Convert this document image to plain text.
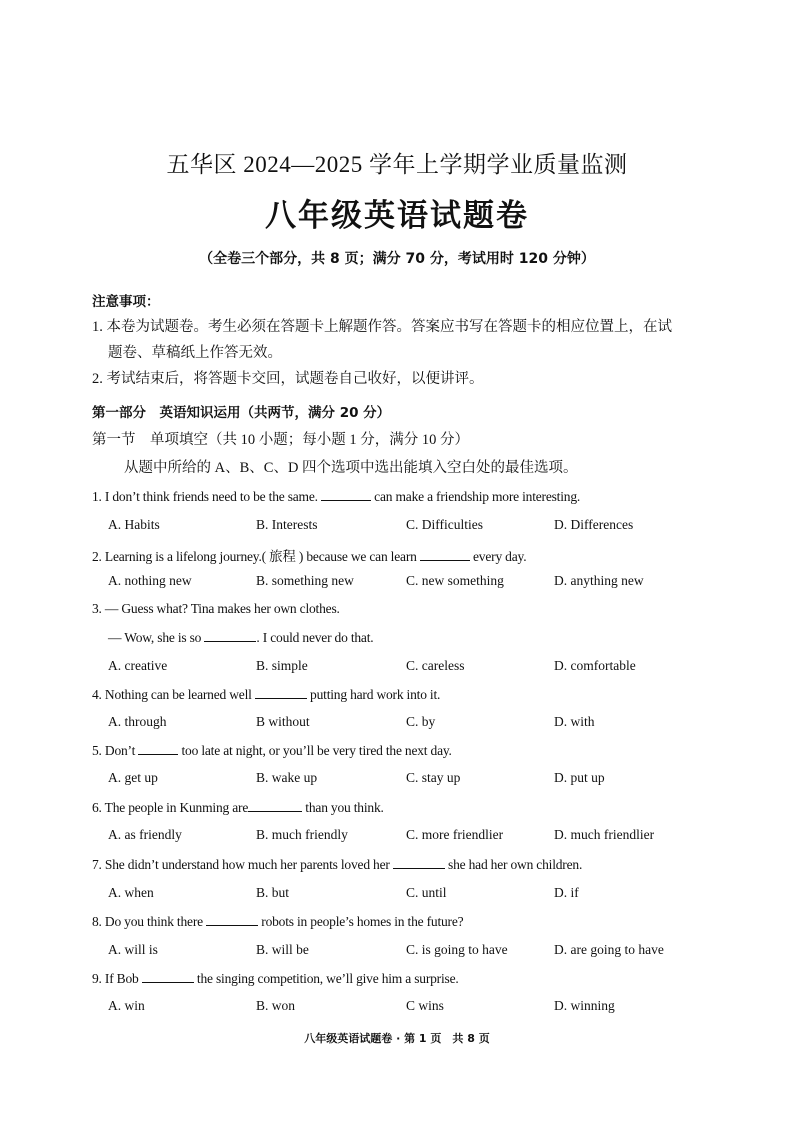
五华区 2024—2025 学年上学期学业质量监测
八年级英语试题卷
（全卷三个部分，共 8 页；满分 70 分，考试用时 120 分钟）
注意事项：
1. 本卷为试题卷。考生必须在答题卡上解题作答。答案应书写在答题卡的相应位置上，在试
题卷、草稿纸上作答无效。
2. 考试结束后，将答题卡交回，试题卷自己收好，以便讲评。
第一部分　英语知识运用（共两节，满分 20 分）
第一节　单项填空（共 10 小题；每小题 1 分，满分 10 分）
从题中所给的 A、B、C、D 四个选项中选出能填入空白处的最佳选项。
1. I don’t think friends need to be the same.	can make a friendship more interesting.
A. Habits	B. Interests	C. Difficulties	D. Differences
2. Learning is a lifelong journey.( 旅程 ) because we can learn	every day.
A. nothing new	B. something new	C. new something	D. anything new
3. — Guess what? Tina makes her own clothes.
— Wow, she is so	. I could never do that.
A. creative	B. simple	C. careless	D. comfortable
4. Nothing can be learned well	putting hard work into it.
A. through	B without	C. by	D. with
5. Don’t	too late at night, or you’ll be very tired the next day.
A. get up	B. wake up	C. stay up	D. put up
6. The people in Kunming are	than you think.
A. as friendly	B. much friendly	C. more friendlier	D. much friendlier
7. She didn’t understand how much her parents loved her	she had her own children.
A. when	B. but	C. until	D. if
8. Do you think there	robots in people’s homes in the future?
A. will is	B. will be	C. is going to have	D. are going to have
9. If Bob	the singing competition, we’ll give him a surprise.
A. win	B. won	C wins	D. winning
八年级英语试题卷 · 第 1 页　共 8 页
